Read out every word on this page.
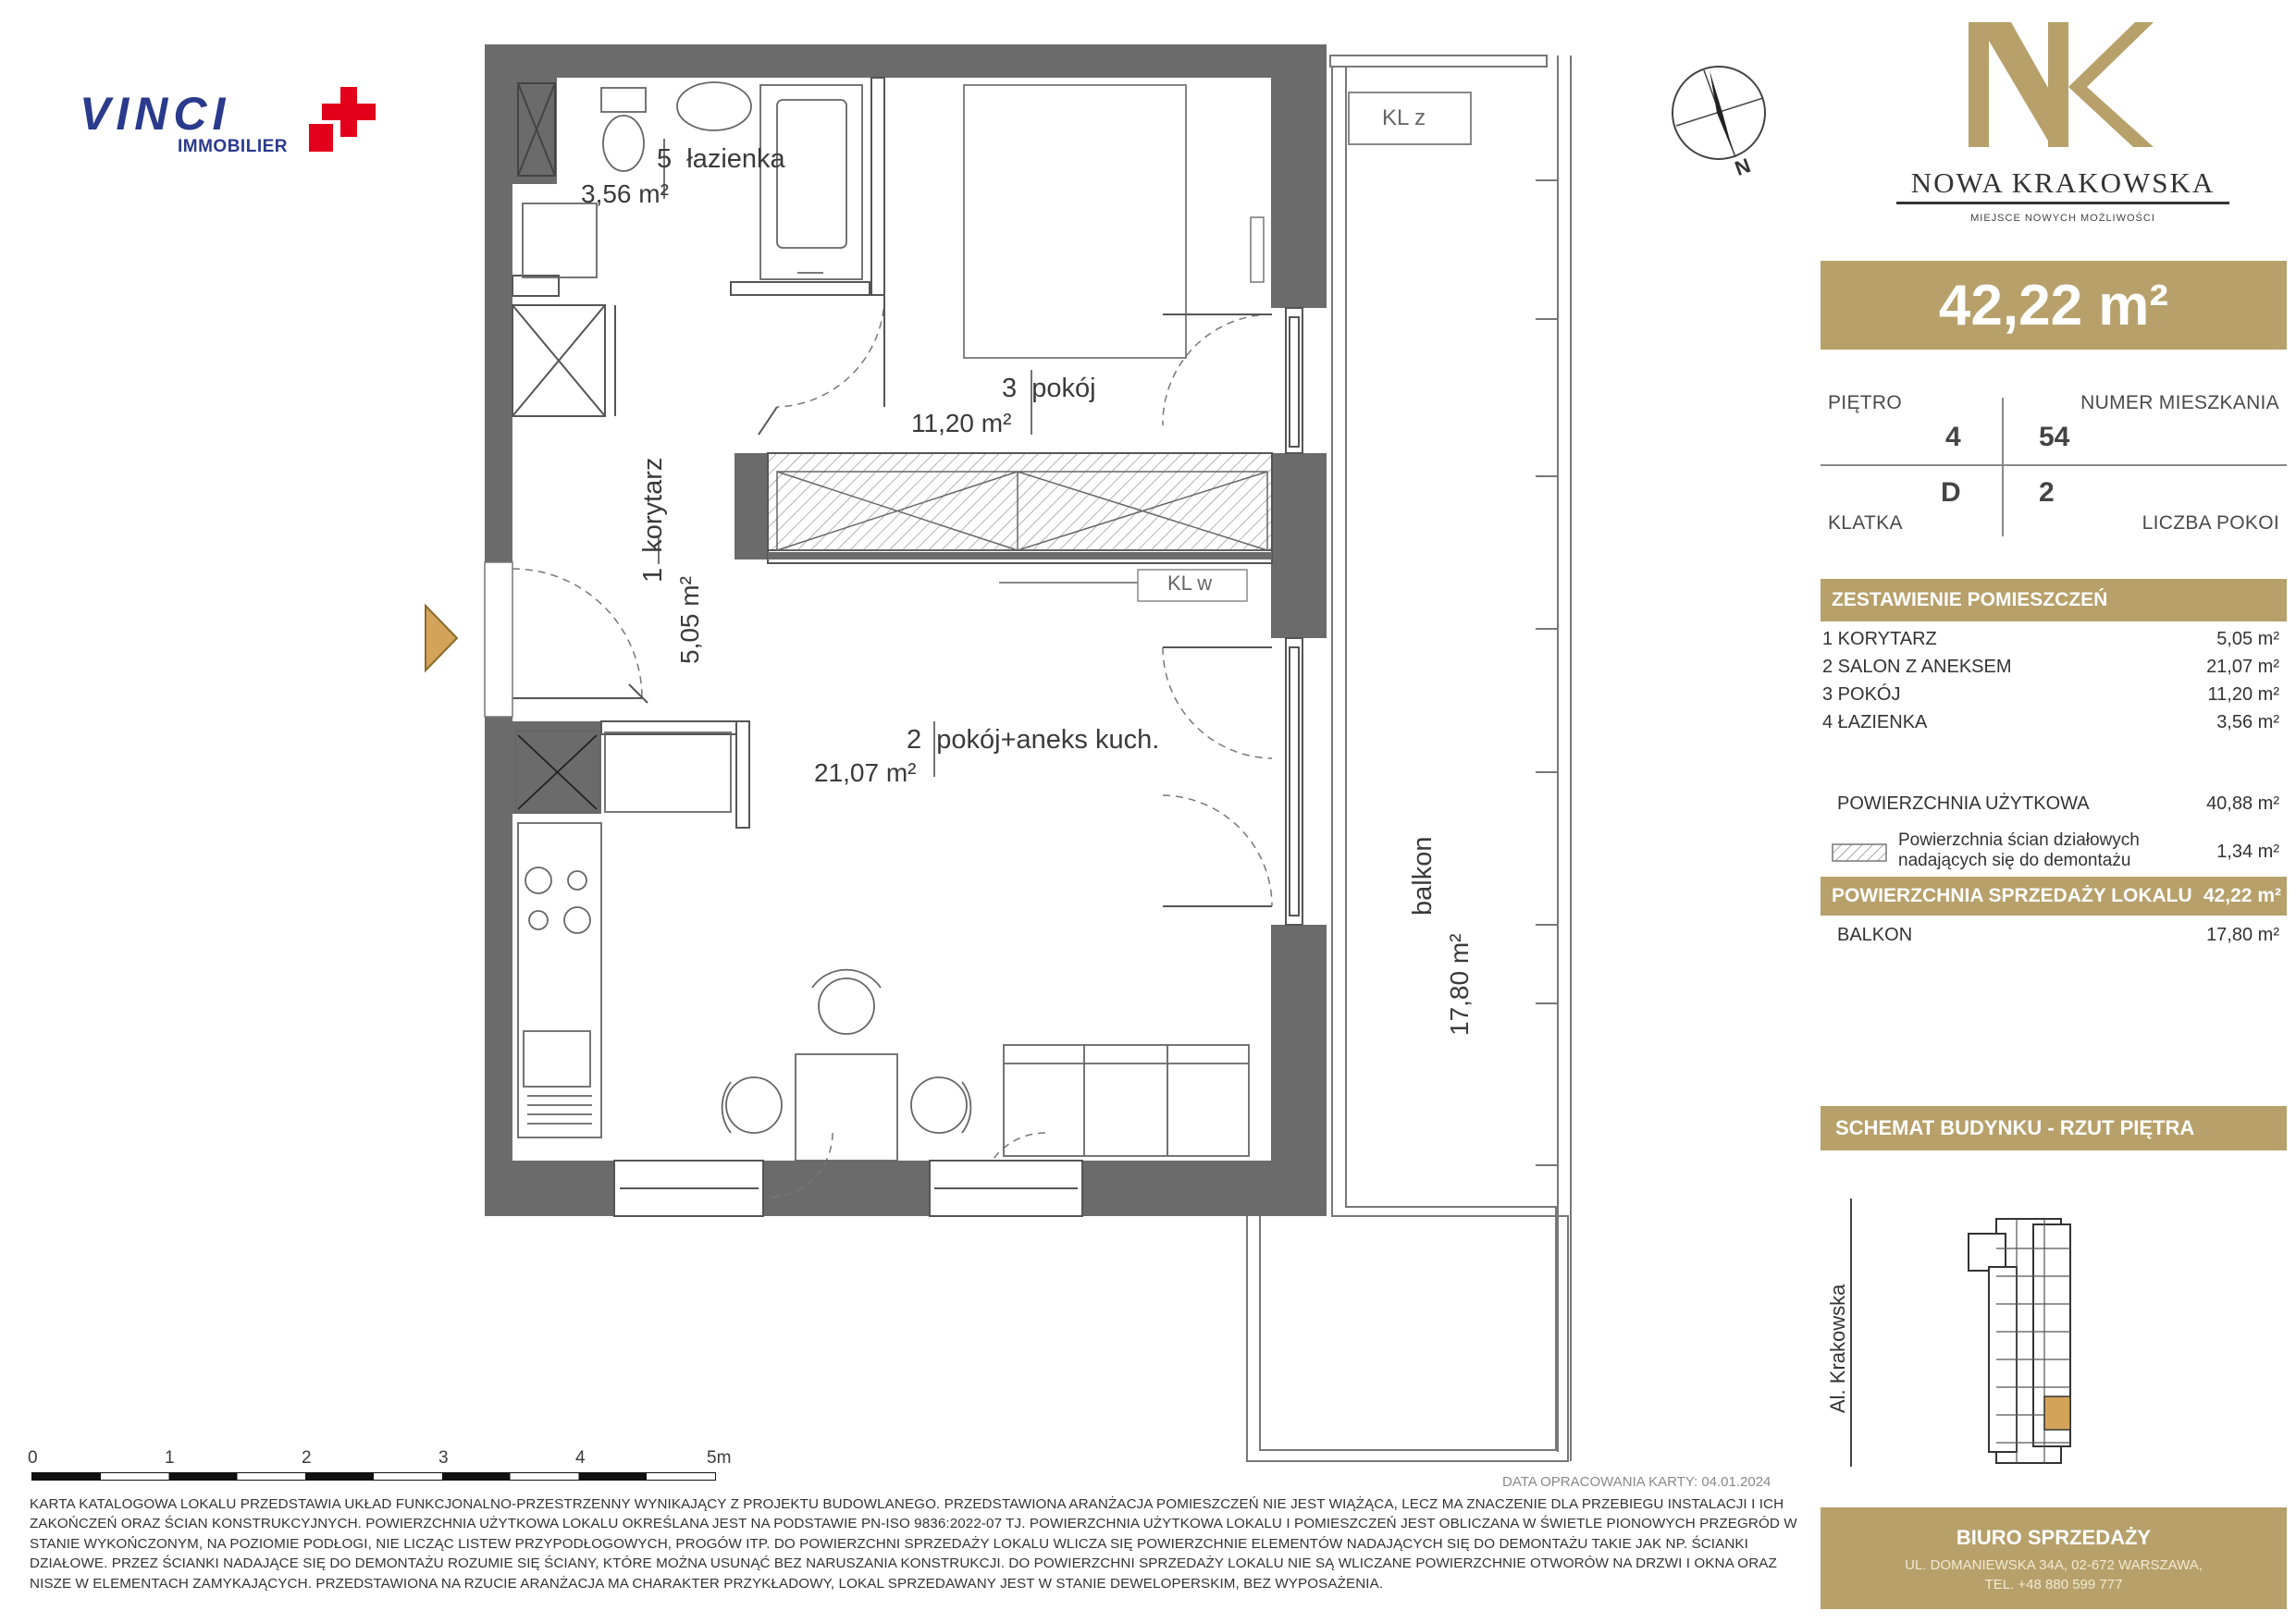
5 łazienka
3,56 m²
3 pokój
11,20 m²
2 pokój+aneks kuch.
21,07 m²
1  korytarz
5,05 m²
balkon
17,80 m²
KL z
KL w
VINCI
IMMOBILIER
N	NOWA KRAKOWSKA
MIEJSCE NOWYCH MOŻLIWOŚCI
42,22 m²
PIĘTRO	NUMER MIESZKANIA
4	54
D	2
KLATKA	LICZBA POKOI
ZESTAWIENIE POMIESZCZEŃ
1 KORYTARZ	5,05 m²
2 SALON Z ANEKSEM	21,07 m²
3 POKÓJ	11,20 m²
4 ŁAZIENKA	3,56 m²
POWIERZCHNIA UŻYTKOWA	40,88 m²
Powierzchnia ścian działowych
nadających się do demontażu	1,34 m²
POWIERZCHNIA SPRZEDAŻY LOKALU 42,22 m²
BALKON	17,80 m²
SCHEMAT BUDYNKU - RZUT PIĘTRA
Al. Krakowska
BIURO SPRZEDAŻY
UL. DOMANIEWSKA 34A, 02-672 WARSZAWA,
TEL. +48 880 599 777
0	1	2	3	4	5m
DATA OPRACOWANIA KARTY: 04.01.2024
KARTA KATALOGOWA LOKALU PRZEDSTAWIA UKŁAD FUNKCJONALNO-PRZESTRZENNY WYNIKAJĄCY Z PROJEKTU BUDOWLANEGO. PRZEDSTAWIONA ARANŻACJA POMIESZCZEŃ NIE JEST WIĄŻĄCA, LECZ MA ZNACZENIE DLA PRZEBIEGU INSTALACJI I ICH
ZAKOŃCZEŃ ORAZ ŚCIAN KONSTRUKCYJNYCH. POWIERZCHNIA UŻYTKOWA LOKALU OKREŚLANA JEST NA PODSTAWIE PN-ISO 9836:2022-07 TJ. POWIERZCHNIA UŻYTKOWA LOKALU I POMIESZCZEŃ JEST OBLICZANA W ŚWIETLE PIONOWYCH PRZEGRÓD W
STANIE WYKOŃCZONYM, NA POZIOMIE PODŁOGI, NIE LICZĄC LISTEW PRZYPODŁOGOWYCH, PROGÓW ITP. DO POWIERZCHNI SPRZEDAŻY LOKALU WLICZA SIĘ POWIERZCHNIE ELEMENTÓW NADAJĄCYCH SIĘ DO DEMONTAŻU TAKIE JAK NP. ŚCIANKI
DZIAŁOWE. PRZEZ ŚCIANKI NADAJĄCE SIĘ DO DEMONTAŻU ROZUMIE SIĘ ŚCIANY, KTÓRE MOŻNA USUNĄĆ BEZ NARUSZANIA KONSTRUKCJI. DO POWIERZCHNI SPRZEDAŻY LOKALU NIE SĄ WLICZANE POWIERZCHNIE OTWORÓW NA DRZWI I OKNA ORAZ
NISZE W ELEMENTACH ZAMYKAJĄCYCH. PRZEDSTAWIONA NA RZUCIE ARANŻACJA MA CHARAKTER PRZYKŁADOWY, LOKAL SPRZEDAWANY JEST W STANIE DEWELOPERSKIM, BEZ WYPOSAŻENIA.
